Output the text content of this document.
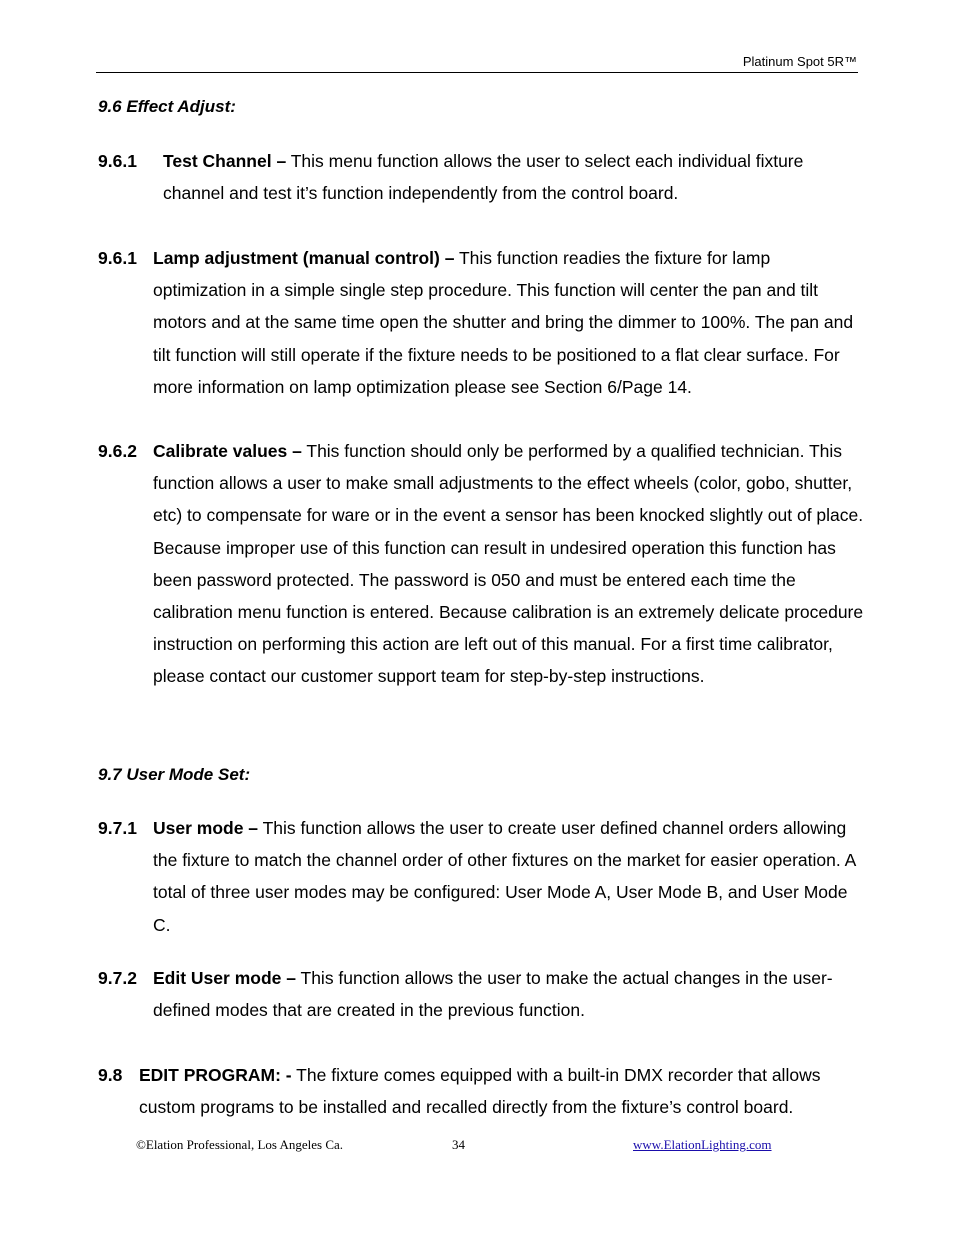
Platinum Spot 5R™
9.6 Effect Adjust:
9.6.1	Test Channel – This menu function allows the user to select each individual fixture channel and test it’s function independently from the control board.
9.6.1 Lamp adjustment (manual control) – This function readies the fixture for lamp optimization in a simple single step procedure. This function will center the pan and tilt motors and at the same time open the shutter and bring the dimmer to 100%. The pan and tilt function will still operate if the fixture needs to be positioned to a flat clear surface. For more information on lamp optimization please see Section 6/Page 14.
9.6.2 Calibrate values – This function should only be performed by a qualified technician. This function allows a user to make small adjustments to the effect wheels (color, gobo, shutter, etc) to compensate for ware or in the event a sensor has been knocked slightly out of place. Because improper use of this function can result in undesired operation this function has been password protected. The password is 050 and must be entered each time the calibration menu function is entered. Because calibration is an extremely delicate procedure instruction on performing this action are left out of this manual. For a first time calibrator, please contact our customer support team for step-by-step instructions.
9.7 User Mode Set:
9.7.1 User mode – This function allows the user to create user defined channel orders allowing the fixture to match the channel order of other fixtures on the market for easier operation. A total of three user modes may be configured: User Mode A, User Mode B, and User Mode C.
9.7.2 Edit User mode – This function allows the user to make the actual changes in the user-defined modes that are created in the previous function.
9.8 EDIT PROGRAM: - The fixture comes equipped with a built-in DMX recorder that allows custom programs to be installed and recalled directly from the fixture’s control board.
©Elation Professional, Los Angeles Ca.	34	www.ElationLighting.com
